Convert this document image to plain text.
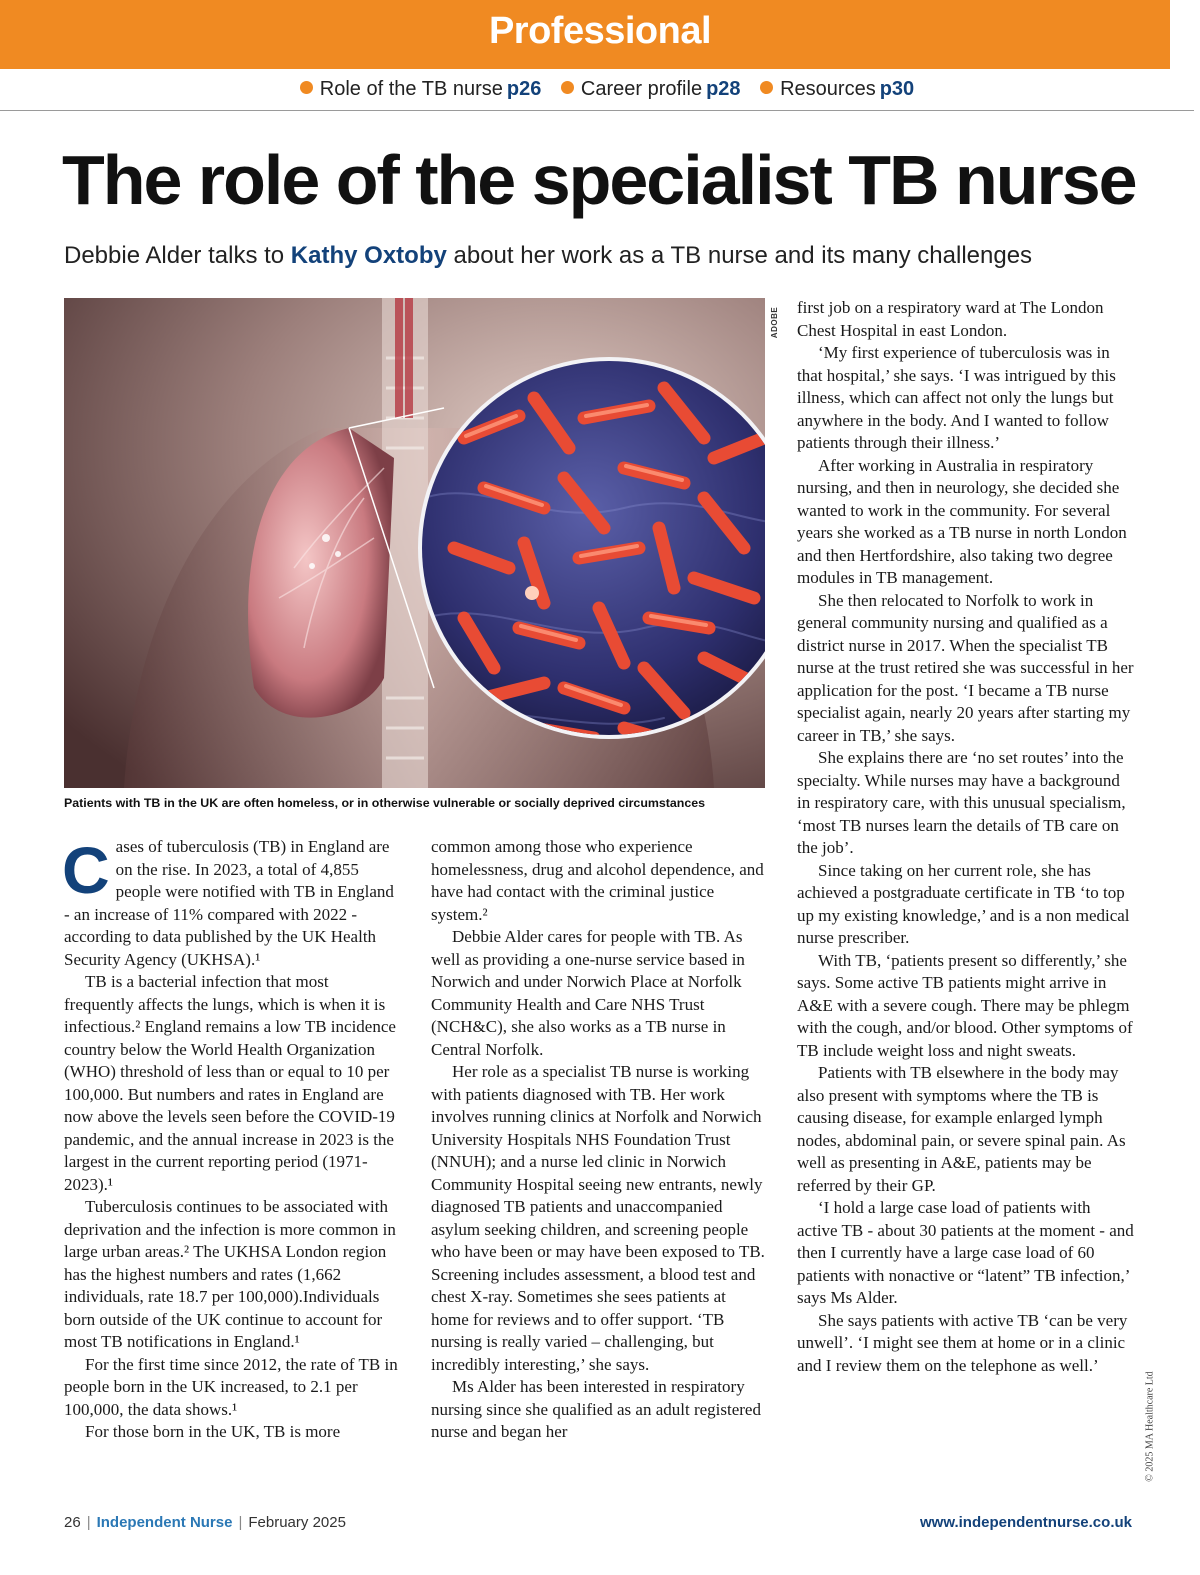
Professional
Role of the TB nurse p26 Career profile p28 Resources p30
The role of the specialist TB nurse
Debbie Alder talks to Kathy Oxtoby about her work as a TB nurse and its many challenges
ADOBE
Patients with TB in the UK are often homeless, or in otherwise vulnerable or socially deprived circumstances

Cases of tuberculosis (TB) in England are on the rise. In 2023, a total of 4,855 people were notified with TB in England - an increase of 11% compared with 2022 - according to data published by the UK Health Security Agency (UKHSA).¹

TB is a bacterial infection that most frequently affects the lungs, which is when it is infectious.² England remains a low TB incidence country below the World Health Organization (WHO) threshold of less than or equal to 10 per 100,000. But numbers and rates in England are now above the levels seen before the COVID-19 pandemic, and the annual increase in 2023 is the largest in the current reporting period (1971-2023).¹

Tuberculosis continues to be associated with deprivation and the infection is more common in large urban areas.² The UKHSA London region has the highest numbers and rates (1,662 individuals, rate 18.7 per 100,000).Individuals born outside of the UK continue to account for most TB notifications in England.¹

For the first time since 2012, the rate of TB in people born in the UK increased, to 2.1 per 100,000, the data shows.¹

For those born in the UK, TB is more

common among those who experience homelessness, drug and alcohol dependence, and have had contact with the criminal justice system.²

Debbie Alder cares for people with TB. As well as providing a one-nurse service based in Norwich and under Norwich Place at Norfolk Community Health and Care NHS Trust (NCH&C), she also works as a TB nurse in Central Norfolk.

Her role as a specialist TB nurse is working with patients diagnosed with TB. Her work involves running clinics at Norfolk and Norwich University Hospitals NHS Foundation Trust (NNUH); and a nurse led clinic in Norwich Community Hospital seeing new entrants, newly diagnosed TB patients and unaccompanied asylum seeking children, and screening people who have been or may have been exposed to TB. Screening includes assessment, a blood test and chest X-ray. Sometimes she sees patients at home for reviews and to offer support. ‘TB nursing is really varied – challenging, but incredibly interesting,’ she says.

Ms Alder has been interested in respiratory nursing since she qualified as an adult registered nurse and began her

first job on a respiratory ward at The London Chest Hospital in east London.

‘My first experience of tuberculosis was in that hospital,’ she says. ‘I was intrigued by this illness, which can affect not only the lungs but anywhere in the body. And I wanted to follow patients through their illness.’

After working in Australia in respiratory nursing, and then in neurology, she decided she wanted to work in the community. For several years she worked as a TB nurse in north London and then Hertfordshire, also taking two degree modules in TB management.

She then relocated to Norfolk to work in general community nursing and qualified as a district nurse in 2017. When the specialist TB nurse at the trust retired she was successful in her application for the post. ‘I became a TB nurse specialist again, nearly 20 years after starting my career in TB,’ she says.

She explains there are ‘no set routes’ into the specialty. While nurses may have a background in respiratory care, with this unusual specialism, ‘most TB nurses learn the details of TB care on the job’.

Since taking on her current role, she has achieved a postgraduate certificate in TB ‘to top up my existing knowledge,’ and is a non medical nurse prescriber.

With TB, ‘patients present so differently,’ she says. Some active TB patients might arrive in A&E with a severe cough. There may be phlegm with the cough, and/or blood. Other symptoms of TB include weight loss and night sweats.

Patients with TB elsewhere in the body may also present with symptoms where the TB is causing disease, for example enlarged lymph nodes, abdominal pain, or severe spinal pain. As well as presenting in A&E, patients may be referred by their GP.

‘I hold a large case load of patients with active TB - about 30 patients at the moment - and then I currently have a large case load of 60 patients with nonactive or “latent” TB infection,’ says Ms Alder.

She says patients with active TB ‘can be very unwell’. ‘I might see them at home or in a clinic and I review them on the telephone as well.’

© 2025 MA Healthcare Ltd
26 | Independent Nurse | February 2025	www.independentnurse.co.uk
